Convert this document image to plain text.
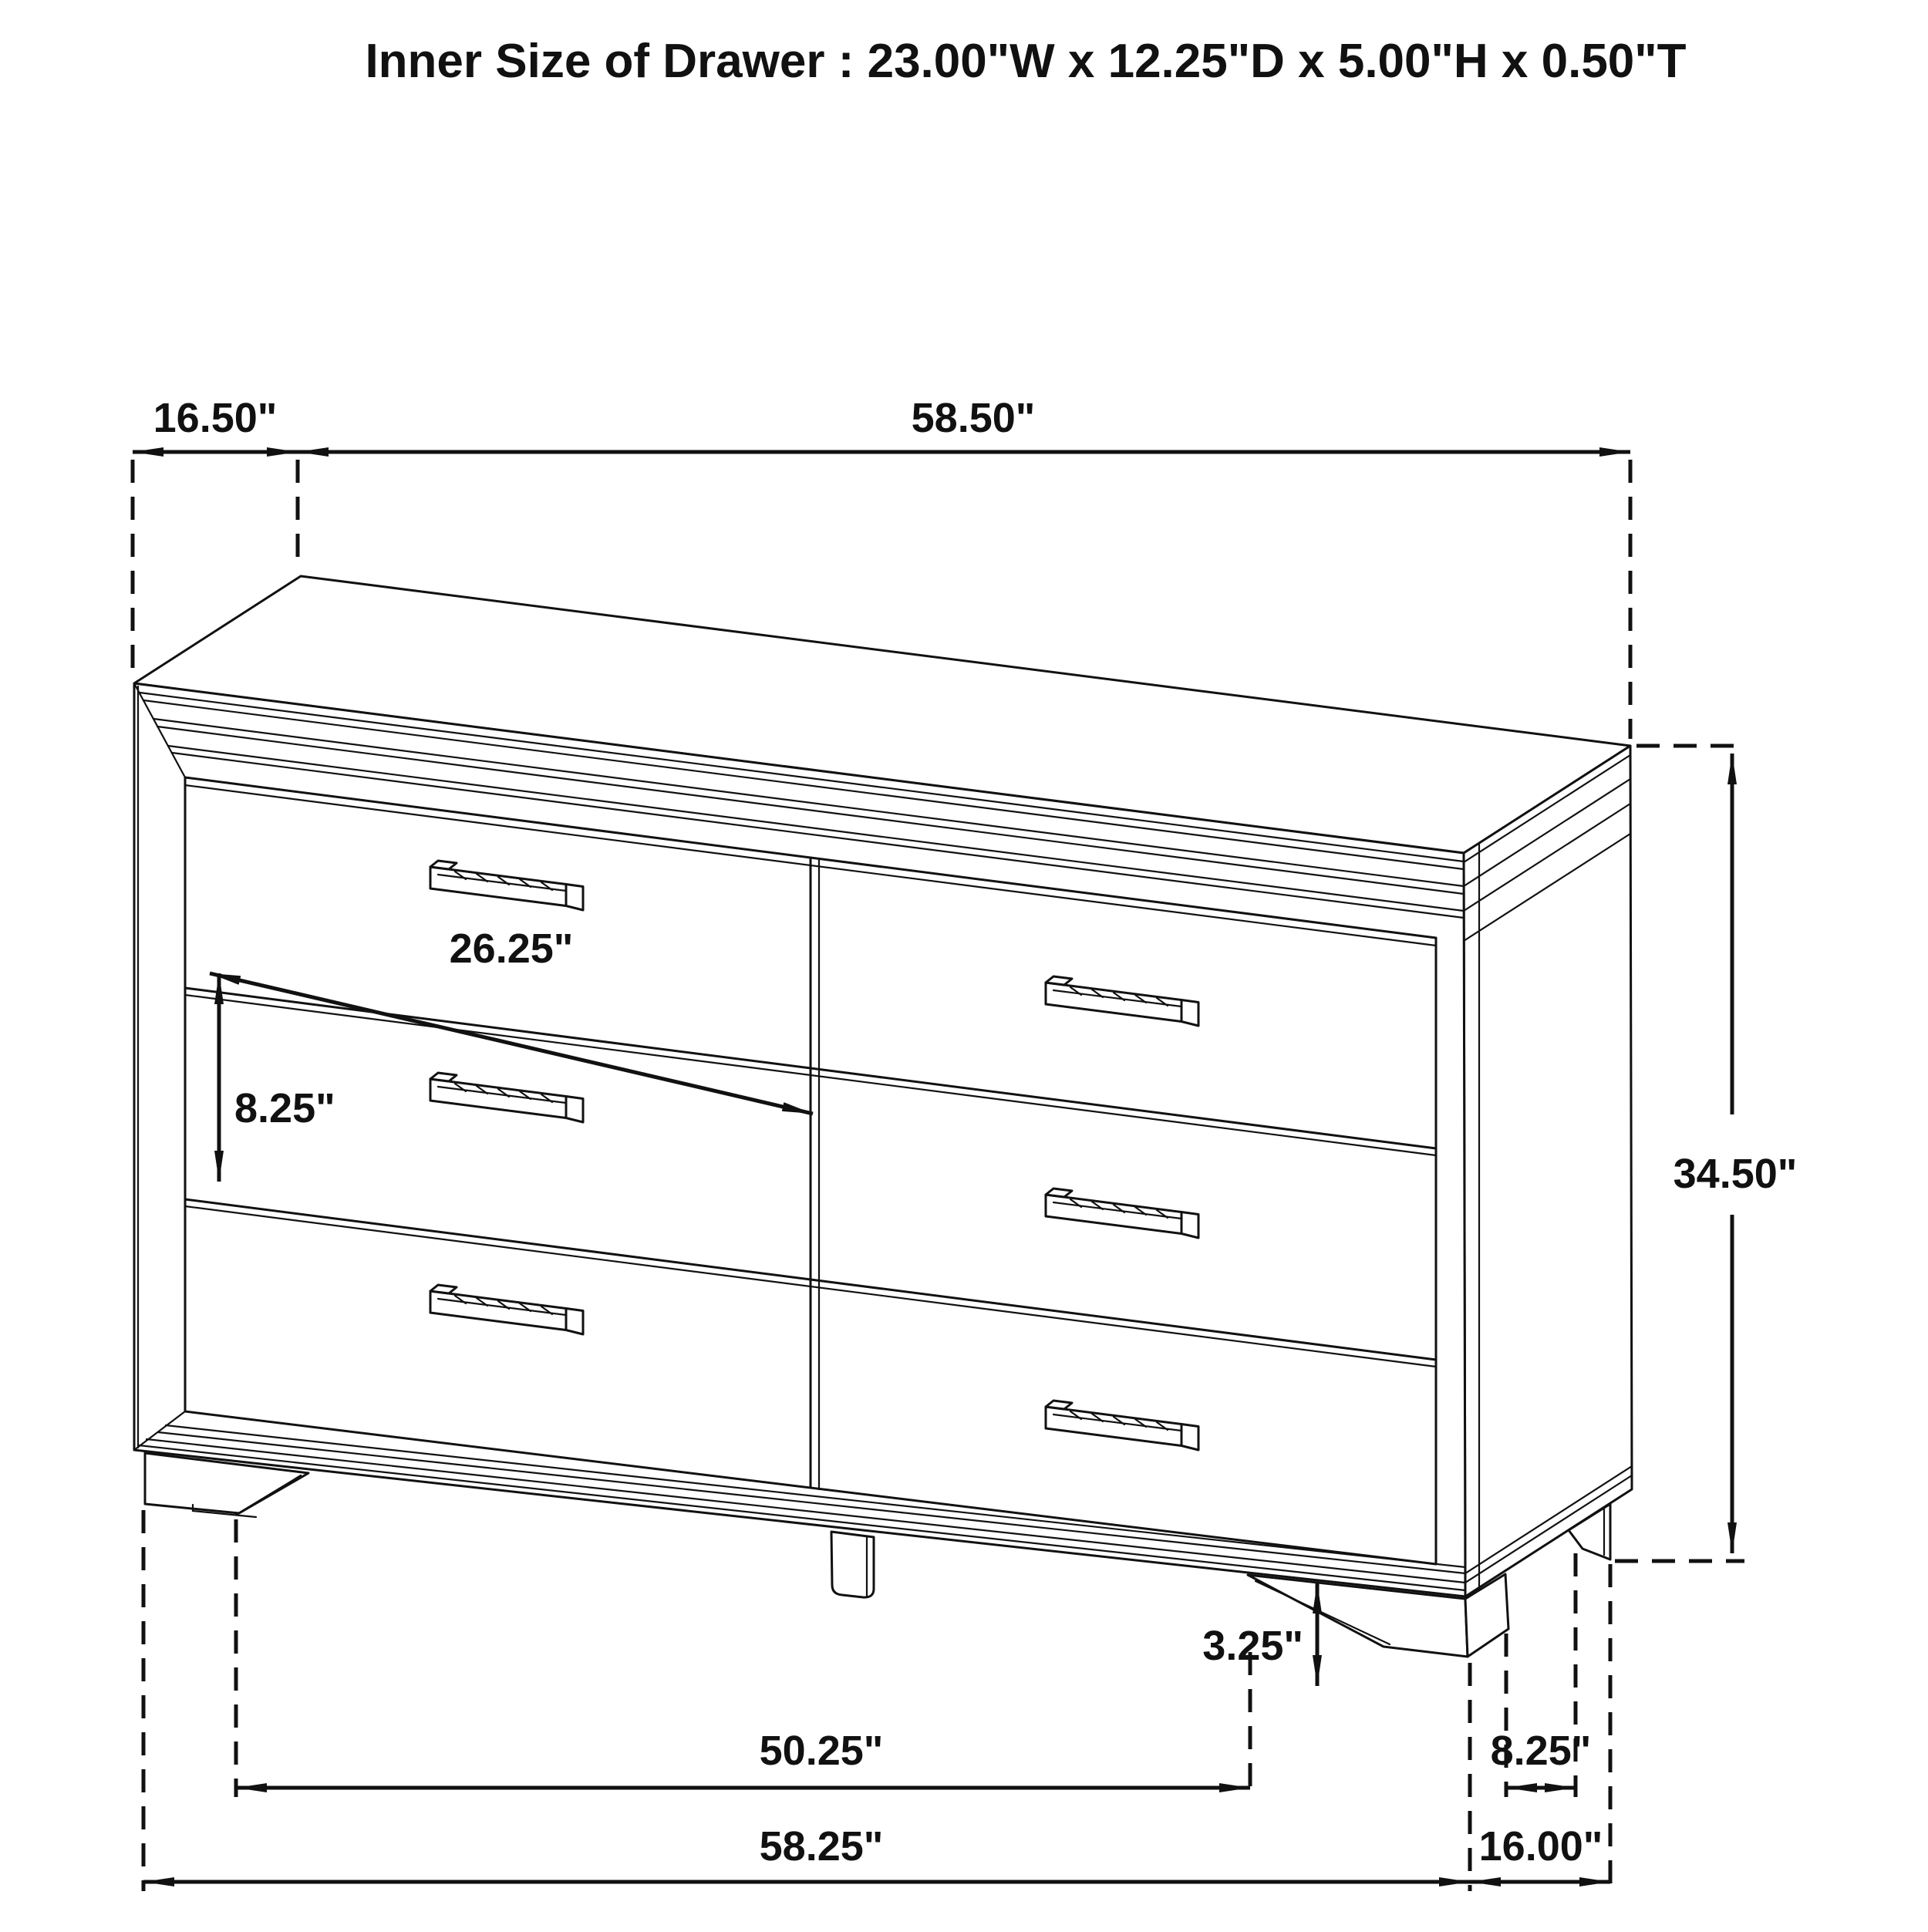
Inner Size of Drawer : 23.00"W x 12.25"D x 5.00"H x 0.50"T
16.50"	58.50"
26.25"
8.25"
34.50"
3.25"
50.25"	8.25"
58.25"	16.00"
